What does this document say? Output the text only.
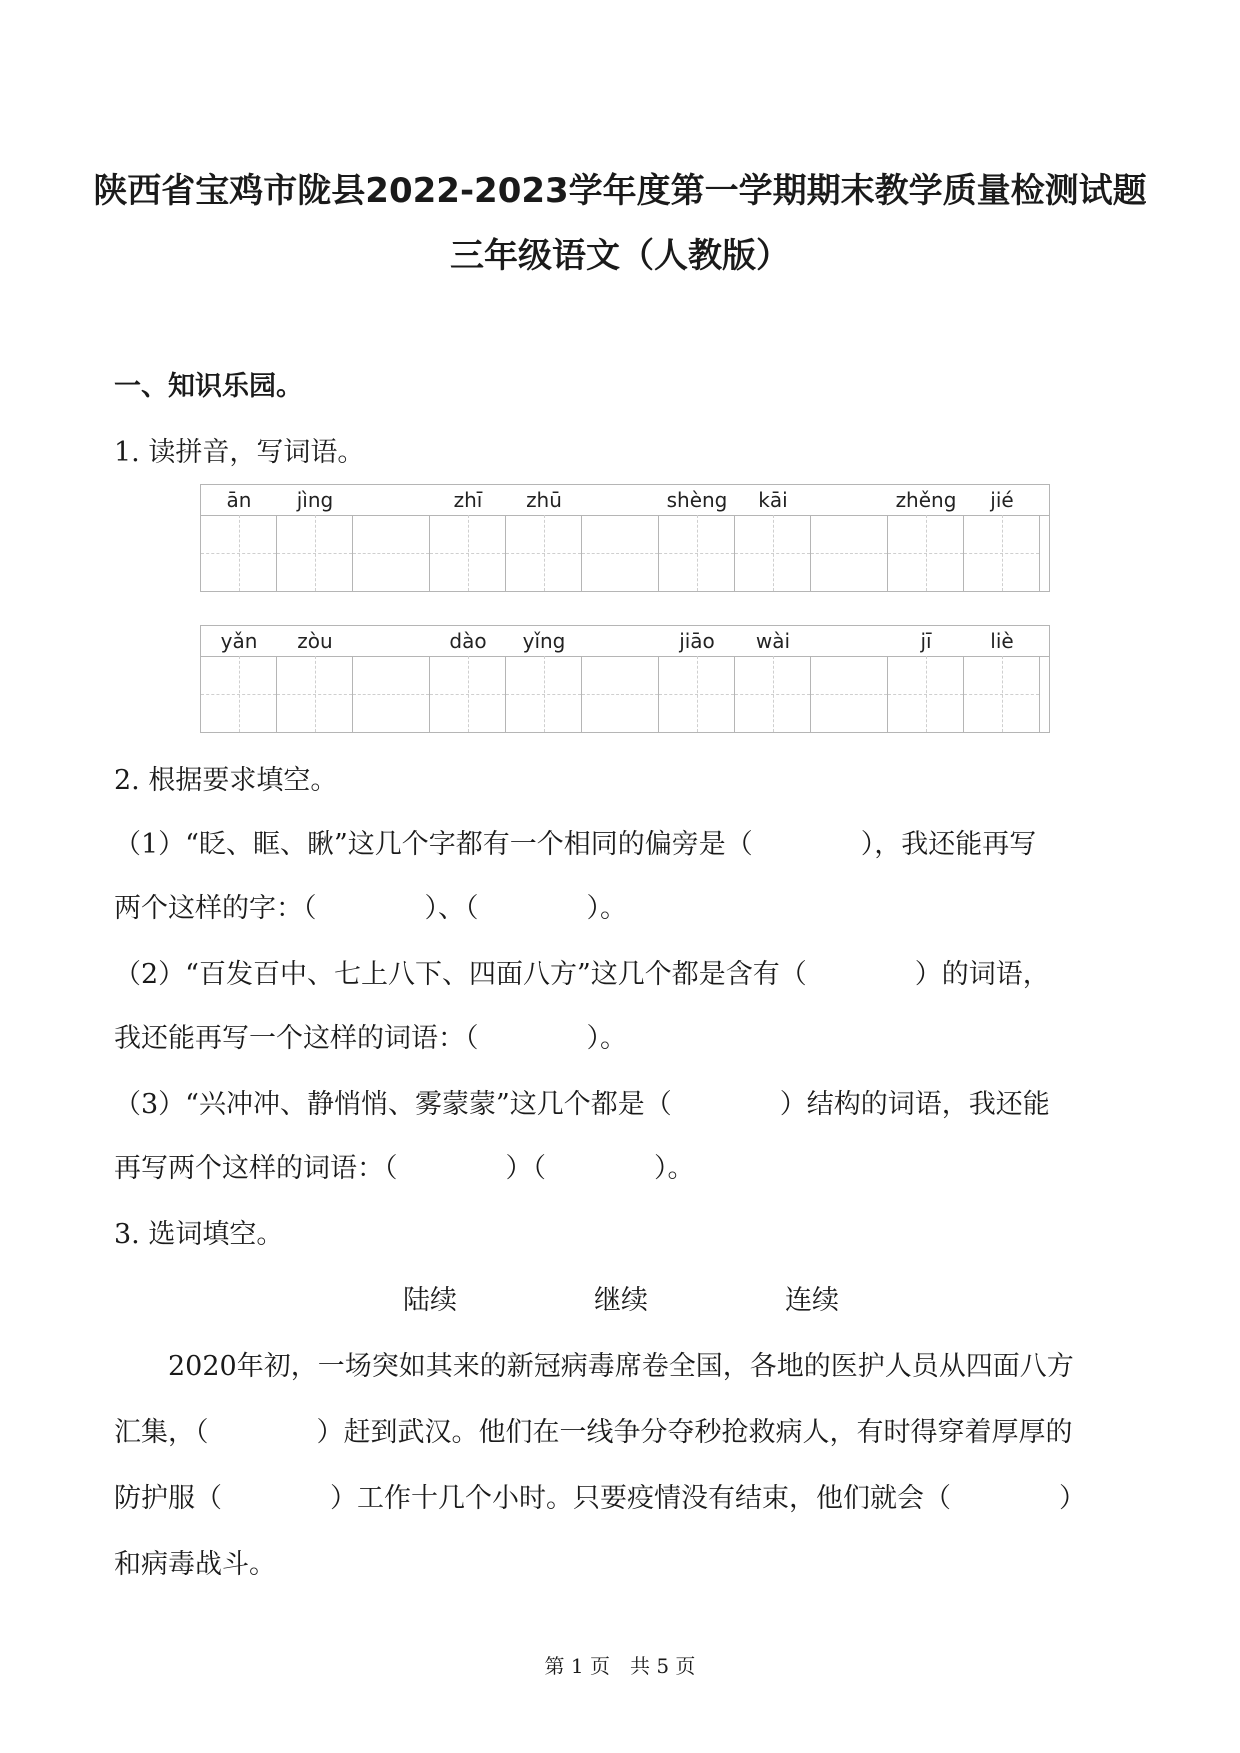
陕西省宝鸡市陇县2022-2023学年度第一学期期末教学质量检测试题
三年级语文（人教版）
一、知识乐园。
1. 读拼音，写词语。
ān	jìng	zhī	zhū	shèng	kāi	zhěng	jié
yǎn	zòu	dào	yǐng	jiāo	wài	jī	liè
2. 根据要求填空。
（1）“眨、眶、瞅”这几个字都有一个相同的偏旁是（　　　　），我还能再写
两个这样的字：（　　　　）、（　　　　）。
（2）“百发百中、七上八下、四面八方”这几个都是含有（　　　　）的词语，
我还能再写一个这样的词语：（　　　　）。
（3）“兴冲冲、静悄悄、雾蒙蒙”这几个都是（　　　　）结构的词语，我还能
再写两个这样的词语：（　　　　）（　　　　）。
3. 选词填空。
陆续	继续	连续
　　2020年初，一场突如其来的新冠病毒席卷全国，各地的医护人员从四面八方
汇集，（　　　　）赶到武汉。他们在一线争分夺秒抢救病人，有时得穿着厚厚的
防护服（　　　　）工作十几个小时。只要疫情没有结束，他们就会（　　　　）
和病毒战斗。
第 1 页　共 5 页
